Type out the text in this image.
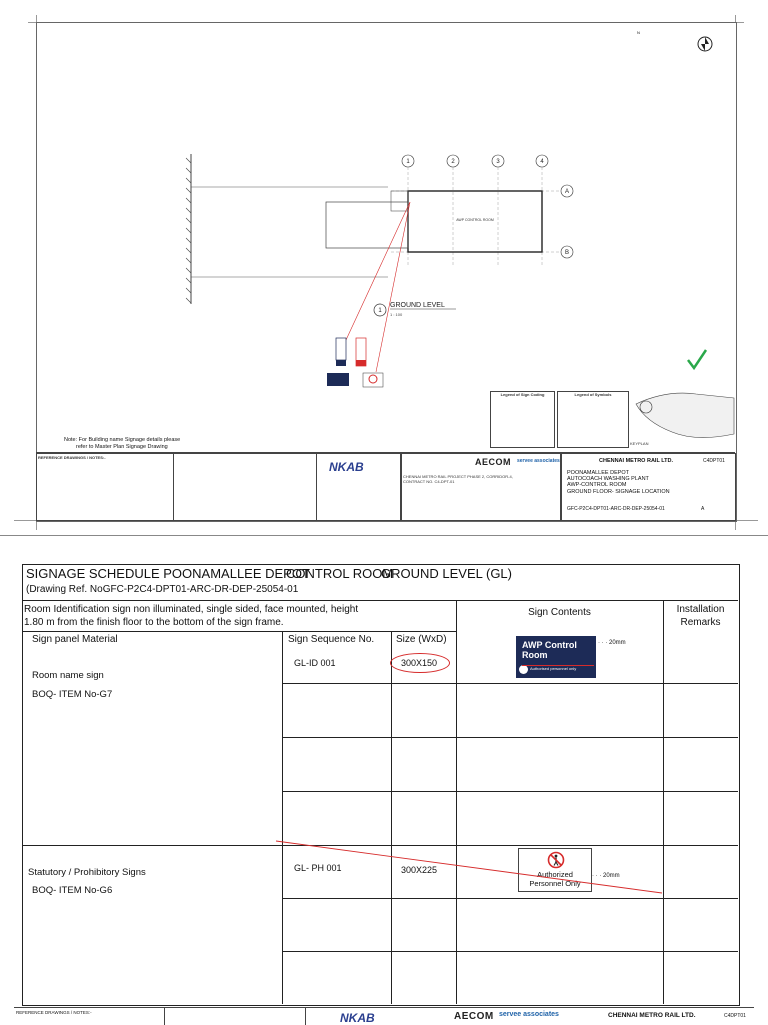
1	2	3	4
A
B
AWP CONTROL ROOM
1
GROUND LEVEL
1 : 100
Legend of Sign Coding	Legend of Symbols
KEYPLAN
N
Note: For Building name Signage details please
refer to Master Plan Signage Drawing
REFERENCE DRAWINGS / NOTES:-
NKAB	AECOM servee associates
CHENNAI METRO RAIL PROJECT PHASE 2, CORRIDOR-4,
CONTRACT NO. C4-DPT-01
CHENNAI METRO RAIL LTD.
POONAMALLEE DEPOT
AUTOCOACH WASHING PLANT
AWP-CONTROL ROOM
GROUND FLOOR- SIGNAGE LOCATION
GFC-P2C4-DPT01-ARC-DR-DEP-25054-01	A
C4DPT01
SIGNAGE SCHEDULE POONAMALLEE DEPOT
CONTROL ROOM
GROUND LEVEL (GL)
(Drawing Ref. NoGFC-P2C4-DPT01-ARC-DR-DEP-25054-01
Room Identification sign non illuminated, single sided, face mounted, height
1.80 m from the finish floor to the bottom of the sign frame.
Sign Contents	Installation
Remarks
Sign panel Material	Sign Sequence No. Size (WxD)
Room name sign
BOQ- ITEM No-G7
GL-ID 001	300X150
AWP Control
Room
Authorised personnel only
· · · 20mm
Statutory / Prohibitory Signs
BOQ- ITEM No-G6
GL- PH 001	300X225	Authorized
Personnel Only
· · · 20mm
REFERENCE DRAWINGS / NOTES:-	NKAB	AECOM servee associates	CHENNAI METRO RAIL LTD.	C4DPT01
